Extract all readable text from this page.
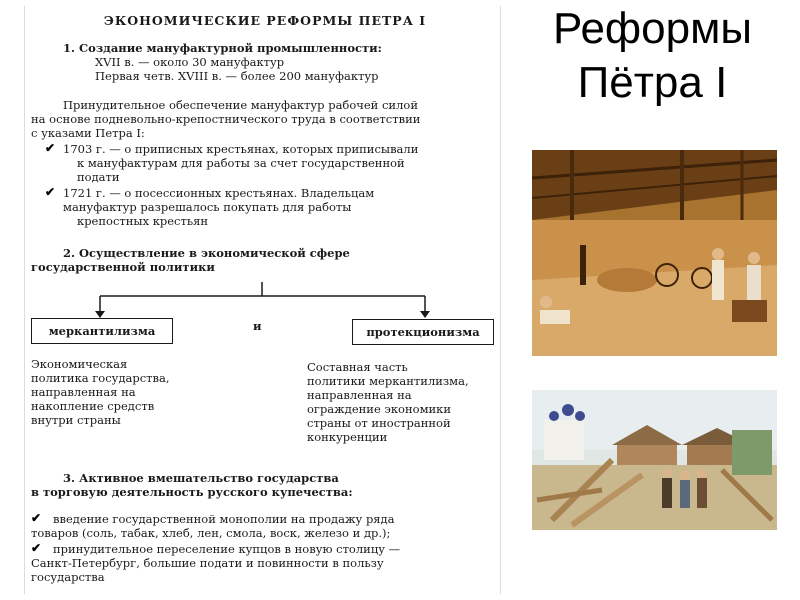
ЭКОНОМИЧЕСКИЕ РЕФОРМЫ ПЕТРА I
1. Создание мануфактурной промышленности:
XVII в. — около 30 мануфактур
Первая четв. XVIII в. — более 200 мануфактур
Принудительное обеспечение мануфактур рабочей силой
на основе подневольно-крепостнического труда в соответствии
с указами Петра I:
✔ 1703 г. — о приписных крестьянах, которых приписывали
к мануфактурам для работы за счет государственной
подати
✔ 1721 г. — о посессионных крестьянах. Владельцам
мануфактур разрешалось покупать для работы
крепостных крестьян
2. Осуществление в экономической сфере
государственной политики
меркантилизма	и	протекционизма
Экономическая
политика государства,
направленная на
накопление средств
внутри страны
Составная часть
политики меркантилизма,
направленная на
ограждение экономики
страны от иностранной
конкуренции
3. Активное вмешательство государства
в торговую деятельность русского купечества:
✔ введение государственной монополии на продажу ряда
товаров (соль, табак, хлеб, лен, смола, воск, железо и др.);
✔ принудительное переселение купцов в новую столицу —
Санкт-Петербург, большие подати и повинности в пользу
государства
Реформы
Пётра I
